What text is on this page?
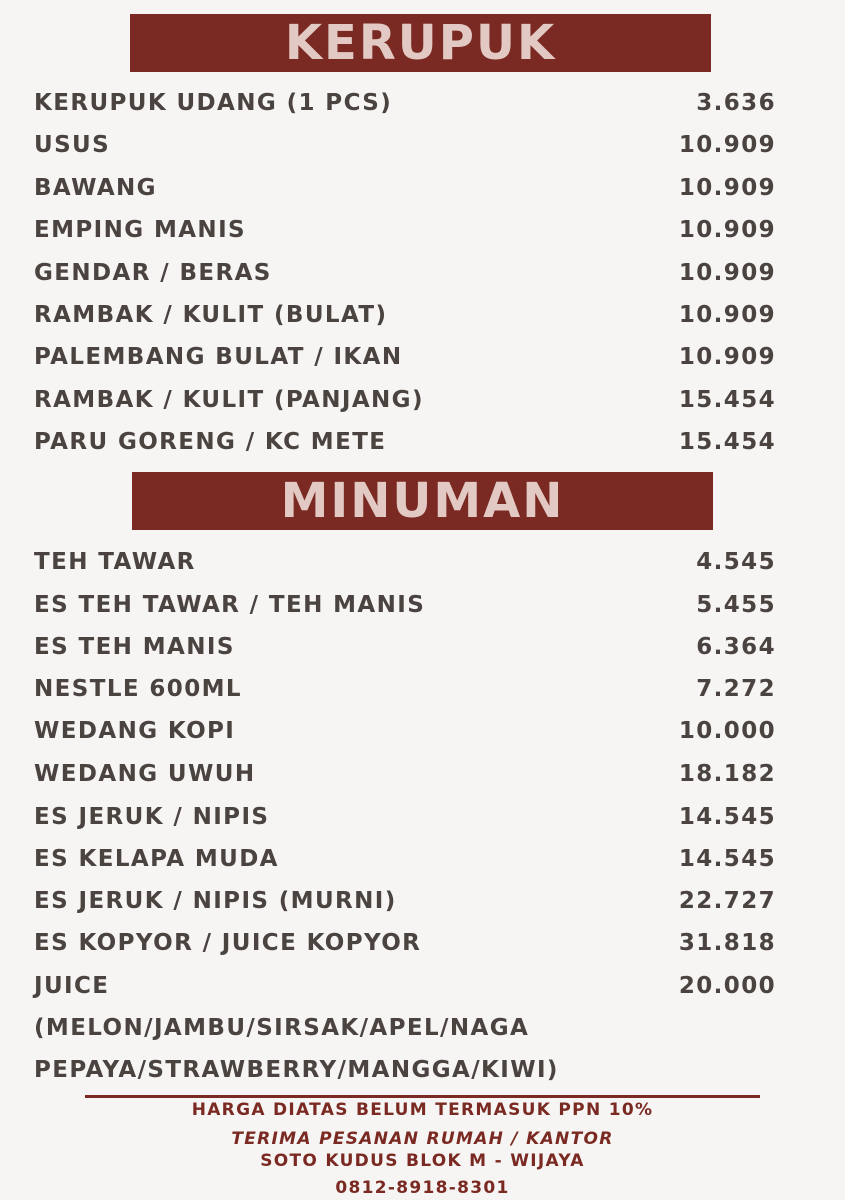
KERUPUK
KERUPUK UDANG (1 PCS)	3.636
USUS	10.909
BAWANG	10.909
EMPING MANIS	10.909
GENDAR / BERAS	10.909
RAMBAK / KULIT (BULAT)	10.909
PALEMBANG BULAT / IKAN	10.909
RAMBAK / KULIT (PANJANG)	15.454
PARU GORENG / KC METE	15.454
MINUMAN
TEH TAWAR	4.545
ES TEH TAWAR / TEH MANIS	5.455
ES TEH MANIS	6.364
NESTLE 600ML	7.272
WEDANG KOPI	10.000
WEDANG UWUH	18.182
ES JERUK / NIPIS	14.545
ES KELAPA MUDA	14.545
ES JERUK / NIPIS (MURNI)	22.727
ES KOPYOR / JUICE KOPYOR	31.818
JUICE	20.000
(MELON/JAMBU/SIRSAK/APEL/NAGA
PEPAYA/STRAWBERRY/MANGGA/KIWI)
HARGA DIATAS BELUM TERMASUK PPN 10%
TERIMA PESANAN RUMAH / KANTOR
SOTO KUDUS BLOK M - WIJAYA
0812-8918-8301
